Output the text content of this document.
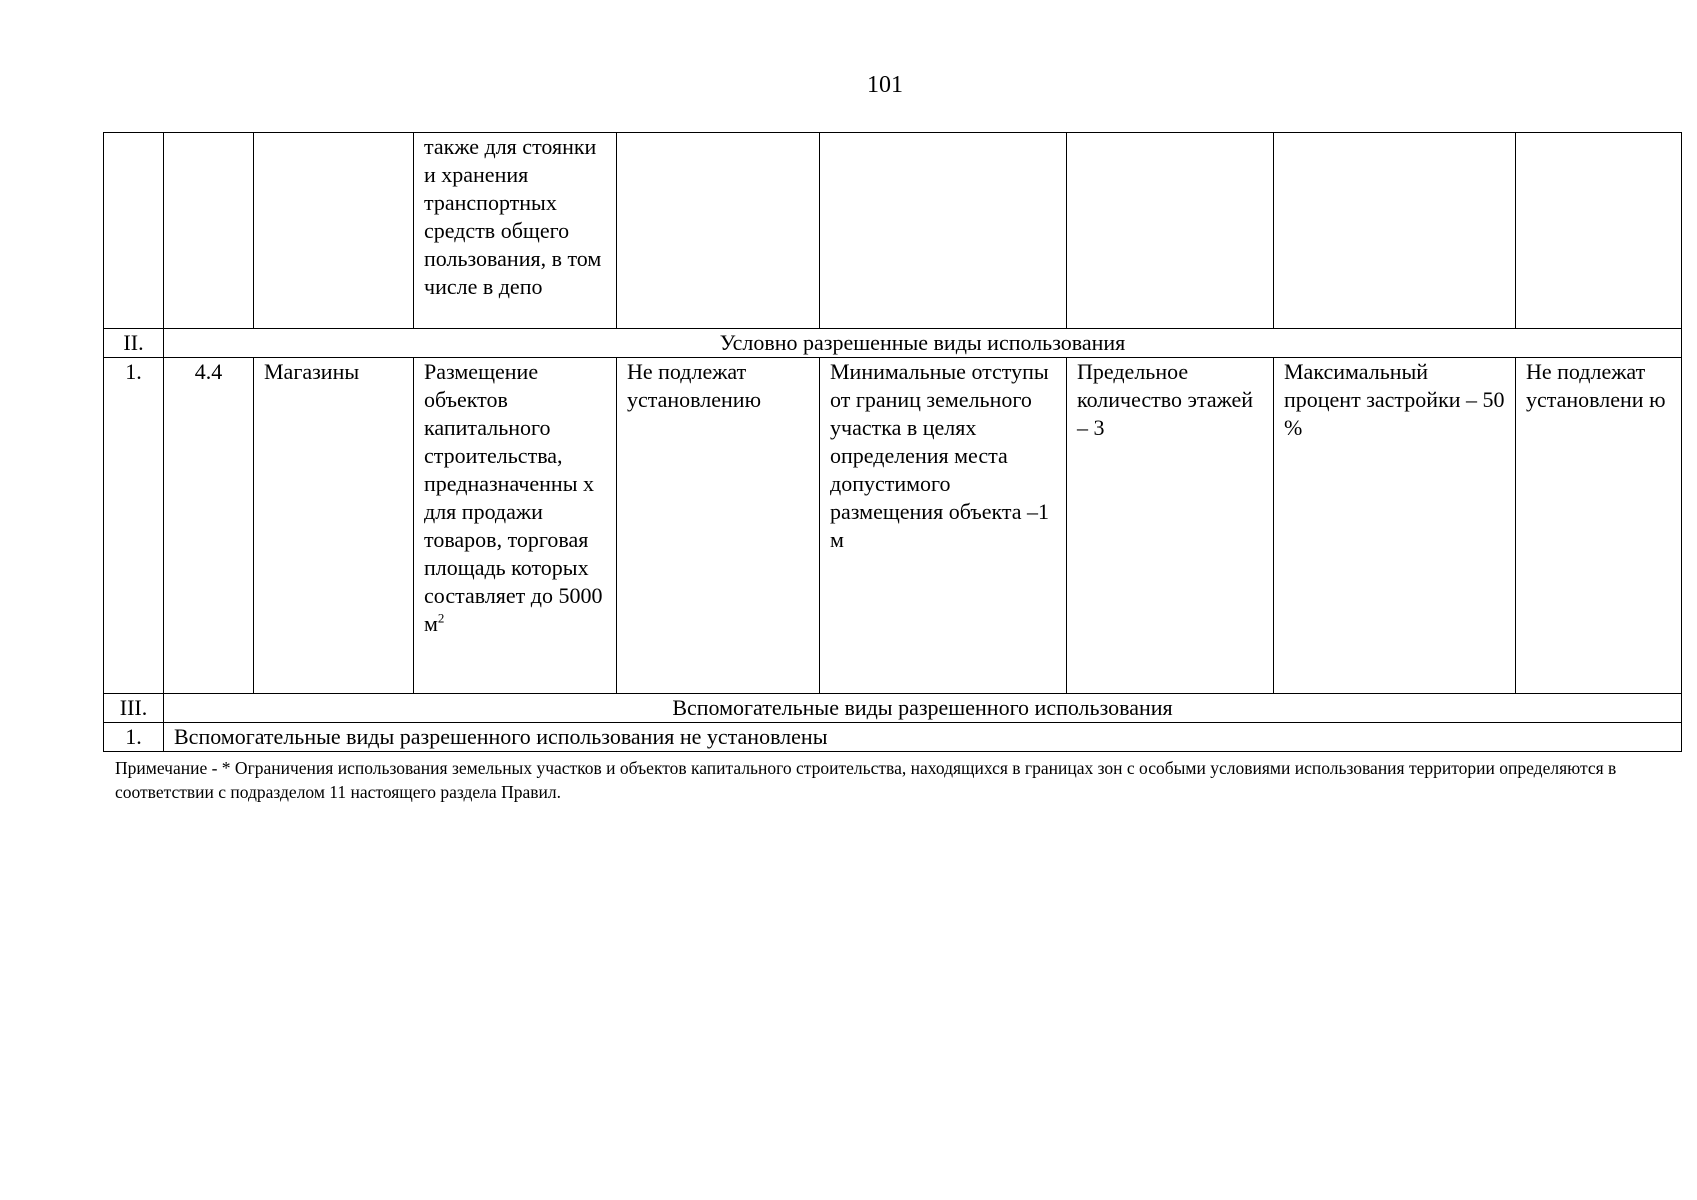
101
			также для стоянки и хранения транспортных средств общего пользования, в том числе в депо					
II.	Условно разрешенные виды использования							
1.	4.4	Магазины	Размещение объектов капитального строительства, предназначенны х для продажи товаров, торговая площадь которых составляет до 5000 $м^2$	Не подлежат установлению	Минимальные отступы от границ земельного участка в целях определения места допустимого размещения объекта –1 м	Предельное количество этажей – 3	Максимальный процент застройки – 50 %	Не подлежат установлени ю
III.	Вспомогательные виды разрешенного использования							
1.	Вспомогательные виды разрешенного использования не установлены							
Примечание - * Ограничения использования земельных участков и объектов капитального строительства, находящихся в границах зон с особыми условиями использования территории определяются в соответствии с подразделом 11 настоящего раздела Правил.
